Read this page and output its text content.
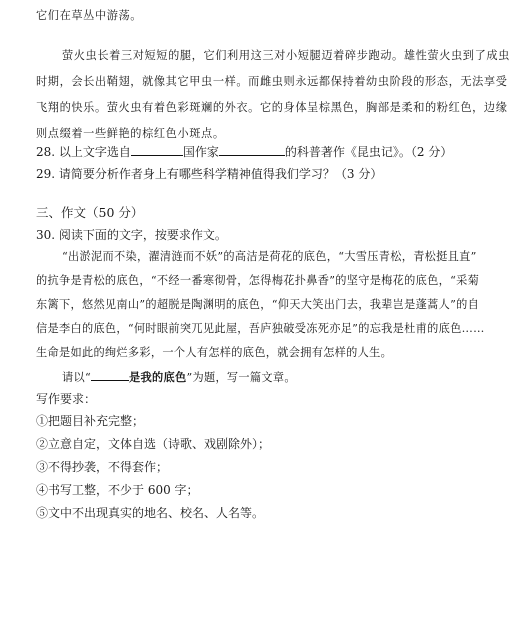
它们在草丛中游荡。
萤火虫长着三对短短的腿，它们利用这三对小短腿迈着碎步跑动。雄性萤火虫到了成虫
时期，会长出鞘翅，就像其它甲虫一样。而雌虫则永远都保持着幼虫阶段的形态，无法享受
飞翔的快乐。萤火虫有着色彩斑斓的外衣。它的身体呈棕黑色，胸部是柔和的粉红色，边缘
则点缀着一些鲜艳的棕红色小斑点。
28. 以上文字选自	国作家	的科普著作《昆虫记》。（2 分）
29. 请简要分析作者身上有哪些科学精神值得我们学习？（3 分）
三、作文（50 分）
30. 阅读下面的文字，按要求作文。
“出淤泥而不染，濯清涟而不妖”的高洁是荷花的底色，“大雪压青松，青松挺且直”
的抗争是青松的底色，“不经一番寒彻骨，怎得梅花扑鼻香”的坚守是梅花的底色，“采菊
东篱下，悠然见南山”的超脱是陶渊明的底色，“仰天大笑出门去，我辈岂是蓬蒿人”的自
信是李白的底色，“何时眼前突兀见此屋，吾庐独破受冻死亦足”的忘我是杜甫的底色……
生命是如此的绚烂多彩，一个人有怎样的底色，就会拥有怎样的人生。
请以“	是我的底色”为题，写一篇文章。
写作要求：
①把题目补充完整；
②立意自定，文体自选（诗歌、戏剧除外）；
③不得抄袭，不得套作；
④书写工整，不少于 600 字；
⑤文中不出现真实的地名、校名、人名等。
